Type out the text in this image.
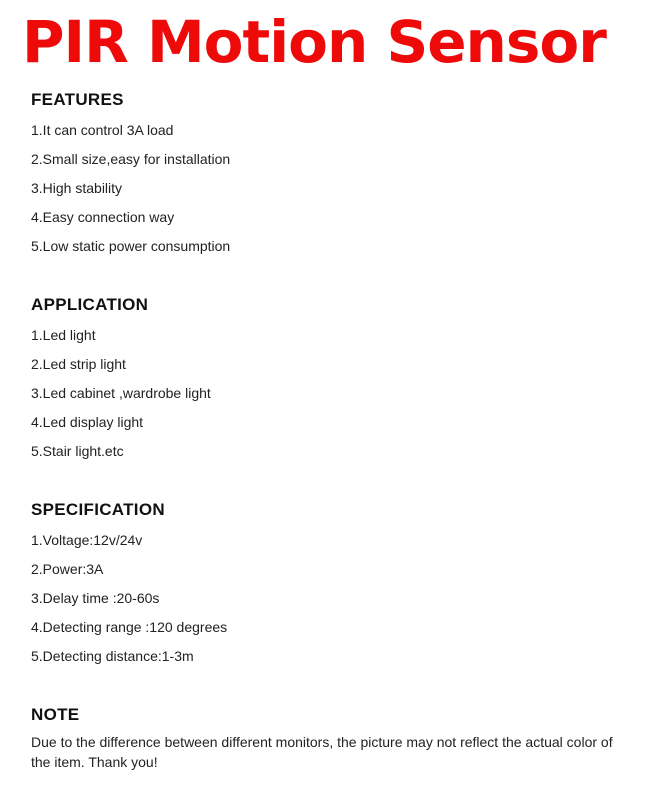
PIR Motion Sensor
FEATURES
1.It can control 3A load
2.Small size,easy for installation
3.High stability
4.Easy connection way
5.Low static power consumption
APPLICATION
1.Led light
2.Led strip light
3.Led cabinet ,wardrobe light
4.Led display light
5.Stair light.etc
SPECIFICATION
1.Voltage:12v/24v
2.Power:3A
3.Delay time :20-60s
4.Detecting range :120 degrees
5.Detecting distance:1-3m
NOTE

Due to the difference between different monitors, the picture may not reflect the actual color of the item. Thank you!
